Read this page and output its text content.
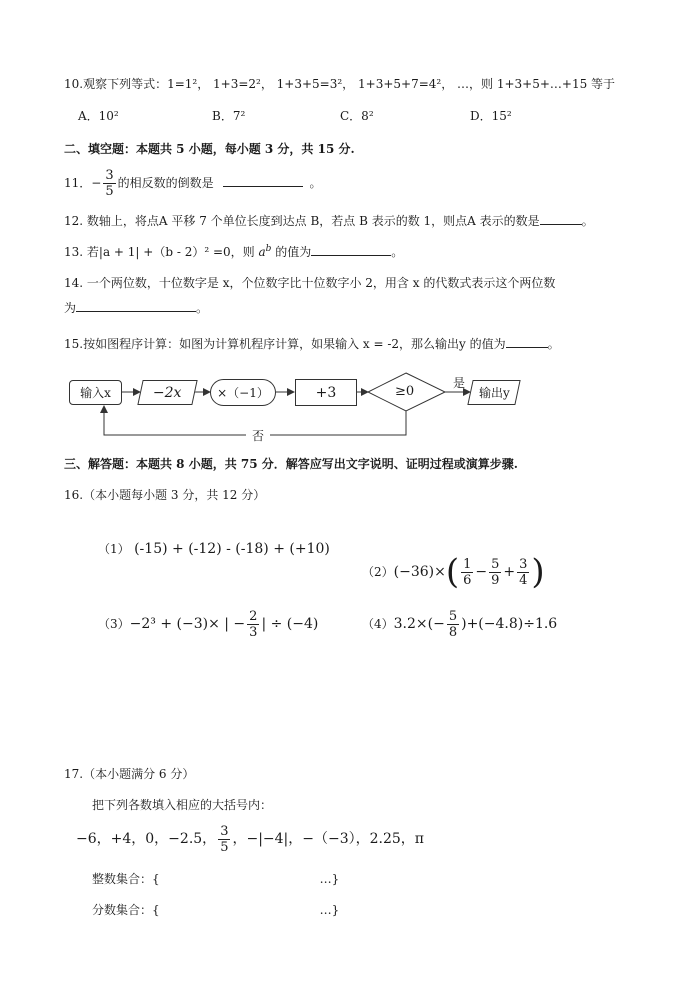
10.观察下列等式：1=1²， 1+3=2²， 1+3+5=3²， 1+3+5+7=4²， …，则 1+3+5+…+15 等于
A．10²	B．7²	C．8²	D．15²
二、填空题：本题共 5 小题，每小题 3 分，共 15 分.
11．− $\frac{3}{5}$ 的相反数的倒数是	。
12. 数轴上，将点A 平移 7 个单位长度到达点 B，若点 B 表示的数 1，则点A 表示的数是	。
13. 若|a + 1| +（b - 2）² =0，则 $a^b$ 的值为	。
14. 一个两位数，十位数字是 x，个位数字比十位数字小 2，用含 x 的代数式表示这个两位数
为	。
15.按如图程序计算：如图为计算机程序计算，如果输入 x = -2，那么输出y 的值为	。
输入x	−2x	×（−1）	+3	≥0
是
输出y
否
三、解答题：本题共 8 小题，共 75 分．解答应写出文字说明、证明过程或演算步骤.
16.（本小题每小题 3 分，共 12 分）
（1） (-15) + (-12) - (-18) + (+10)
$(2)(-36)\times( \frac{1}{6} - \frac{5}{9} + \frac{3}{4}$ )
（3）−2³ + (−3)× | − $\frac{2}{3}$ | ÷ (−4)	$(4)3.2\times(- \frac{5}{8} )+(-4.8)\div 1.6$
17.（本小题满分 6 分）
把下列各数填入相应的大括号内：
−6，+4，0，−2.5， $\frac{3}{5}$ ，−|−4|，−（−3），2.25，π
整数集合：{	…}
分数集合：{	…}
